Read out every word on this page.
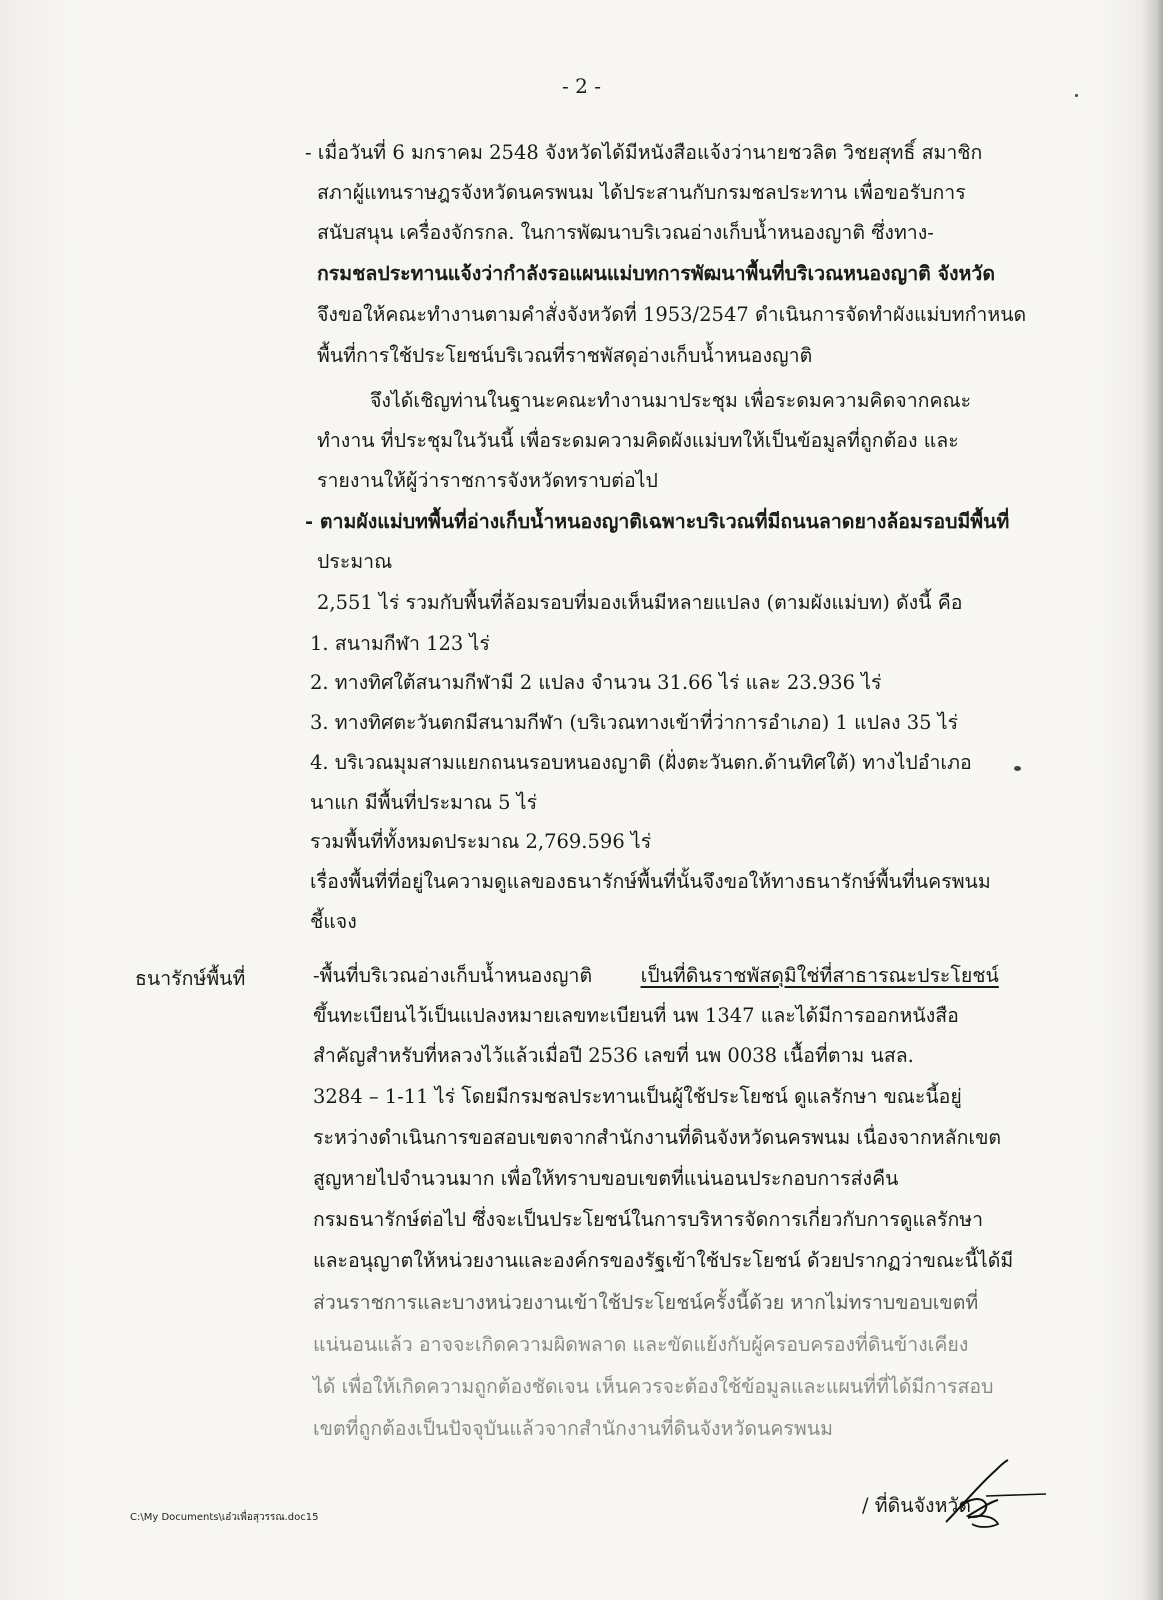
- 2 -
- เมื่อวันที่ 6 มกราคม 2548 จังหวัดได้มีหนังสือแจ้งว่านายชวลิต วิชยสุทธิ์ สมาชิก
สภาผู้แทนราษฎรจังหวัดนครพนม ได้ประสานกับกรมชลประทาน เพื่อขอรับการ
สนับสนุน เครื่องจักรกล. ในการพัฒนาบริเวณอ่างเก็บน้ำหนองญาติ ซึ่งทาง-
กรมชลประทานแจ้งว่ากำลังรอแผนแม่บทการพัฒนาพื้นที่บริเวณหนองญาติ จังหวัด
จึงขอให้คณะทำงานตามคำสั่งจังหวัดที่ 1953/2547 ดำเนินการจัดทำผังแม่บทกำหนด
พื้นที่การใช้ประโยชน์บริเวณที่ราชพัสดุอ่างเก็บน้ำหนองญาติ
จึงได้เชิญท่านในฐานะคณะทำงานมาประชุม เพื่อระดมความคิดจากคณะ
ทำงาน ที่ประชุมในวันนี้ เพื่อระดมความคิดผังแม่บทให้เป็นข้อมูลที่ถูกต้อง และ
รายงานให้ผู้ว่าราชการจังหวัดทราบต่อไป
- ตามผังแม่บทพื้นที่อ่างเก็บน้ำหนองญาติเฉพาะบริเวณที่มีถนนลาดยางล้อมรอบมีพื้นที่
ประมาณ
2,551 ไร่ รวมกับพื้นที่ล้อมรอบที่มองเห็นมีหลายแปลง (ตามผังแม่บท) ดังนี้ คือ
1. สนามกีฬา 123 ไร่
2. ทางทิศใต้สนามกีฬามี 2 แปลง จำนวน 31.66 ไร่ และ 23.936 ไร่
3. ทางทิศตะวันตกมีสนามกีฬา (บริเวณทางเข้าที่ว่าการอำเภอ) 1 แปลง 35 ไร่
4. บริเวณมุมสามแยกถนนรอบหนองญาติ (ฝั่งตะวันตก.ด้านทิศใต้) ทางไปอำเภอ
นาแก มีพื้นที่ประมาณ 5 ไร่
รวมพื้นที่ทั้งหมดประมาณ 2,769.596 ไร่
เรื่องพื้นที่ที่อยู่ในความดูแลของธนารักษ์พื้นที่นั้นจึงขอให้ทางธนารักษ์พื้นที่นครพนม
ชี้แจง
ธนารักษ์พื้นที่	-พื้นที่บริเวณอ่างเก็บน้ำหนองญาติ เป็นที่ดินราชพัสดุมิใช่ที่สาธารณะประโยชน์
ขึ้นทะเบียนไว้เป็นแปลงหมายเลขทะเบียนที่ นพ 1347 และได้มีการออกหนังสือ
สำคัญสำหรับที่หลวงไว้แล้วเมื่อปี 2536 เลขที่ นพ 0038 เนื้อที่ตาม นสล.
3284 – 1-11 ไร่ โดยมีกรมชลประทานเป็นผู้ใช้ประโยชน์ ดูแลรักษา ขณะนี้อยู่
ระหว่างดำเนินการขอสอบเขตจากสำนักงานที่ดินจังหวัดนครพนม เนื่องจากหลักเขต
สูญหายไปจำนวนมาก เพื่อให้ทราบขอบเขตที่แน่นอนประกอบการส่งคืน
กรมธนารักษ์ต่อไป ซึ่งจะเป็นประโยชน์ในการบริหารจัดการเกี่ยวกับการดูแลรักษา
และอนุญาตให้หน่วยงานและองค์กรของรัฐเข้าใช้ประโยชน์ ด้วยปรากฏว่าขณะนี้ได้มี
ส่วนราชการและบางหน่วยงานเข้าใช้ประโยชน์ครั้งนี้ด้วย หากไม่ทราบขอบเขตที่
แน่นอนแล้ว อาจจะเกิดความผิดพลาด และขัดแย้งกับผู้ครอบครองที่ดินข้างเคียง
ได้ เพื่อให้เกิดความถูกต้องชัดเจน เห็นควรจะต้องใช้ข้อมูลและแผนที่ที่ได้มีการสอบ
เขตที่ถูกต้องเป็นปัจจุบันแล้วจากสำนักงานที่ดินจังหวัดนครพนม
/ ที่ดินจังหวัด
C:\My Documents\เอ๋วเพื่อสุวรรณ.doc15
